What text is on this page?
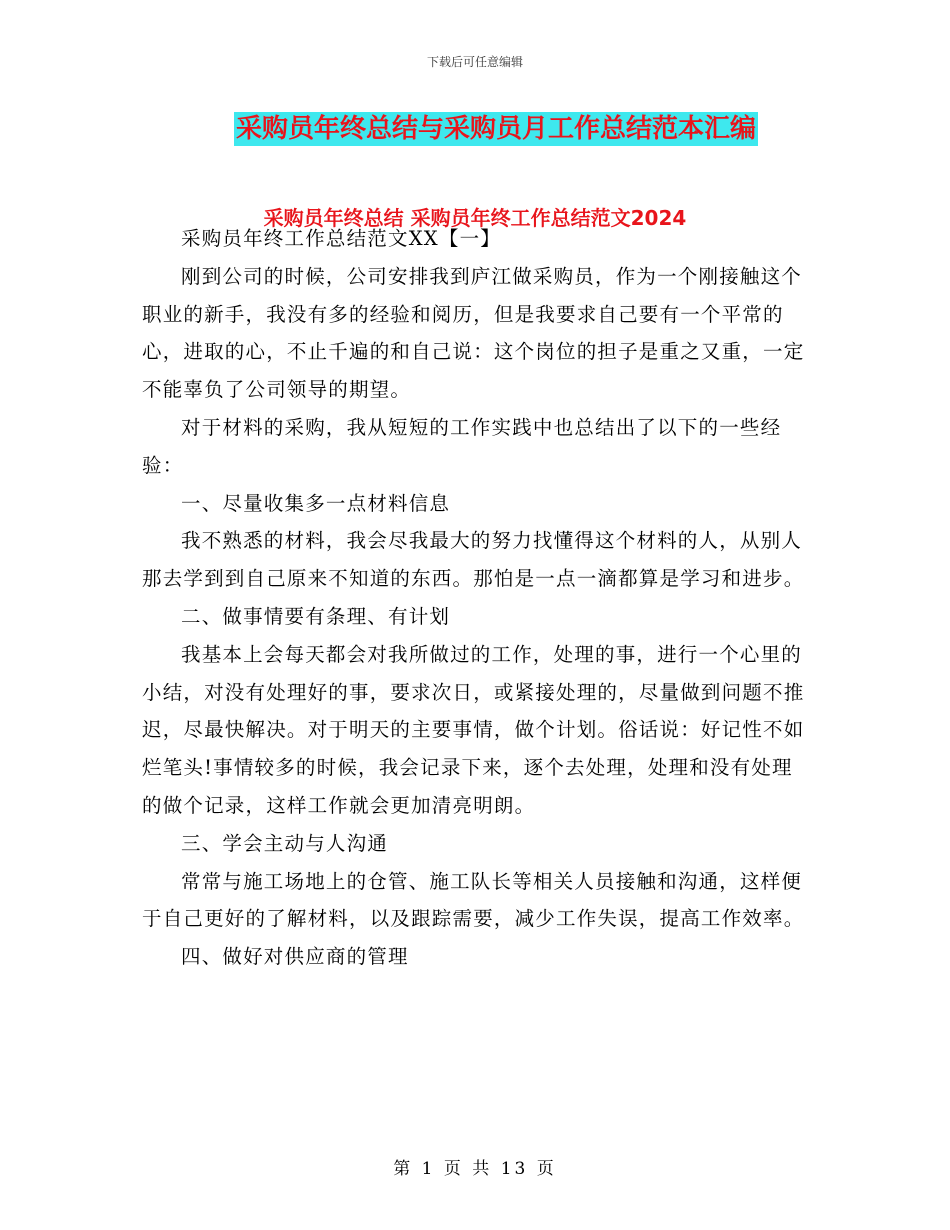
下载后可任意编辑
采购员年终总结与采购员月工作总结范本汇编
采购员年终总结 采购员年终工作总结范文2024

采购员年终工作总结范文XX【一】

刚到公司的时候，公司安排我到庐江做采购员，作为一个刚接触这个职业的新手，我没有多的经验和阅历，但是我要求自己要有一个平常的心，进取的心，不止千遍的和自己说：这个岗位的担子是重之又重，一定不能辜负了公司领导的期望。

对于材料的采购，我从短短的工作实践中也总结出了以下的一些经验：

一、尽量收集多一点材料信息

我不熟悉的材料，我会尽我最大的努力找懂得这个材料的人，从别人那去学到到自己原来不知道的东西。那怕是一点一滴都算是学习和进步。

二、做事情要有条理、有计划

我基本上会每天都会对我所做过的工作，处理的事，进行一个心里的小结，对没有处理好的事，要求次日，或紧接处理的，尽量做到问题不推迟，尽最快解决。对于明天的主要事情，做个计划。俗话说：好记性不如烂笔头!事情较多的时候，我会记录下来，逐个去处理，处理和没有处理的做个记录，这样工作就会更加清亮明朗。

三、学会主动与人沟通

常常与施工场地上的仓管、施工队长等相关人员接触和沟通，这样便于自己更好的了解材料，以及跟踪需要，减少工作失误，提高工作效率。

四、做好对供应商的管理

第 1 页 共 13 页
